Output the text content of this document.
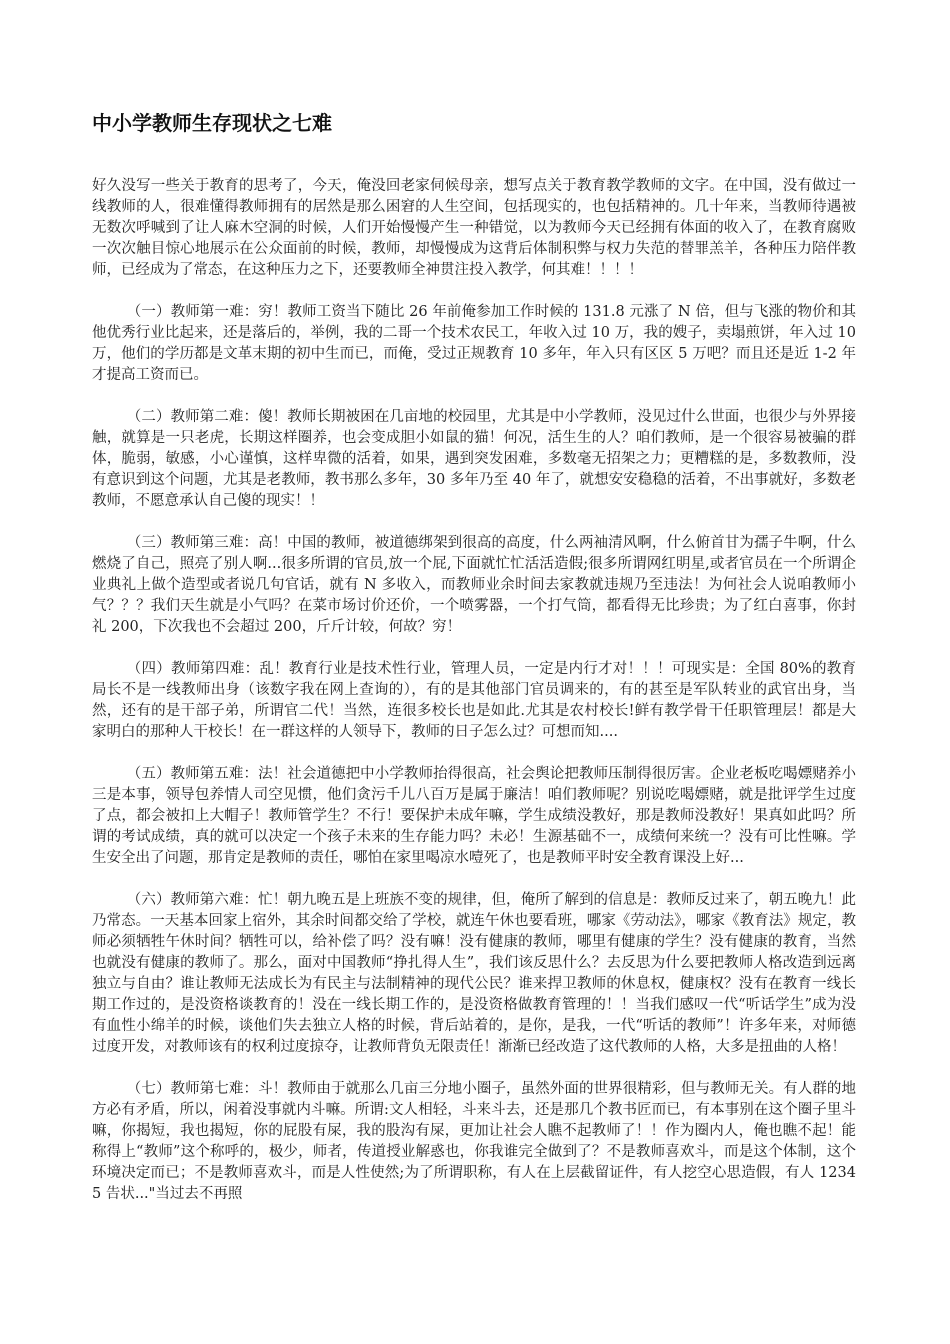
中小学教师生存现状之七难

好久没写一些关于教育的思考了，今天，俺没回老家伺候母亲，想写点关于教育教学教师的文字。在中国，没有做过一线教师的人，很难懂得教师拥有的居然是那么困窘的人生空间，包括现实的，也包括精神的。几十年来，当教师待遇被无数次呼喊到了让人麻木空洞的时候，人们开始慢慢产生一种错觉，以为教师今天已经拥有体面的收入了，在教育腐败一次次触目惊心地展示在公众面前的时候，教师，却慢慢成为这背后体制积弊与权力失范的替罪羔羊，各种压力陪伴教师，已经成为了常态，在这种压力之下，还要教师全神贯注投入教学，何其难！！！！

（一）教师第一难：穷！教师工资当下随比 26 年前俺参加工作时候的 131.8 元涨了 N 倍，但与飞涨的物价和其他优秀行业比起来，还是落后的，举例，我的二哥一个技术农民工，年收入过 10 万，我的嫂子，卖塌煎饼，年入过 10 万，他们的学历都是文革末期的初中生而已，而俺，受过正规教育 10 多年，年入只有区区 5 万吧？而且还是近 1-2 年才提高工资而已。

（二）教师第二难：傻！教师长期被困在几亩地的校园里，尤其是中小学教师，没见过什么世面，也很少与外界接触，就算是一只老虎，长期这样圈养，也会变成胆小如鼠的猫！何况，活生生的人？咱们教师，是一个很容易被骗的群体，脆弱，敏感，小心谨慎，这样卑微的活着，如果，遇到突发困难，多数毫无招架之力；更糟糕的是，多数教师，没有意识到这个问题，尤其是老教师，教书那么多年，30 多年乃至 40 年了，就想安安稳稳的活着，不出事就好，多数老教师，不愿意承认自己傻的现实！！

（三）教师第三难：高！中国的教师，被道德绑架到很高的高度，什么两袖清风啊，什么俯首甘为孺子牛啊，什么燃烧了自己，照亮了别人啊...很多所谓的官员,放一个屁,下面就忙忙活活造假;很多所谓网红明星,或者官员在一个所谓企业典礼上做个造型或者说几句官话，就有 N 多收入，而教师业余时间去家教就违规乃至违法！为何社会人说咱教师小气？？？我们天生就是小气吗？在菜市场讨价还价，一个喷雾器，一个打气筒，都看得无比珍贵；为了红白喜事，你封礼 200，下次我也不会超过 200，斤斤计较，何故？穷！

（四）教师第四难：乱！教育行业是技术性行业，管理人员，一定是内行才对！！！可现实是：全国 80%的教育局长不是一线教师出身（该数字我在网上查询的），有的是其他部门官员调来的，有的甚至是军队转业的武官出身，当然，还有的是干部子弟，所谓官二代！当然，连很多校长也是如此.尤其是农村校长!鲜有教学骨干任职管理层！都是大家明白的那种人干校长！在一群这样的人领导下，教师的日子怎么过？可想而知....

（五）教师第五难：法！社会道德把中小学教师抬得很高，社会舆论把教师压制得很厉害。企业老板吃喝嫖赌养小三是本事，领导包养情人司空见惯，他们贪污千儿八百万是属于廉洁！咱们教师呢？别说吃喝嫖赌，就是批评学生过度了点，都会被扣上大帽子！教师管学生？不行！要保护未成年嘛，学生成绩没教好，那是教师没教好！果真如此吗？所谓的考试成绩，真的就可以决定一个孩子未来的生存能力吗？未必！生源基础不一，成绩何来统一？没有可比性嘛。学生安全出了问题，那肯定是教师的责任，哪怕在家里喝凉水噎死了，也是教师平时安全教育课没上好...

（六）教师第六难：忙！朝九晚五是上班族不变的规律，但，俺所了解到的信息是：教师反过来了，朝五晚九！此乃常态。一天基本回家上宿外，其余时间都交给了学校，就连午休也要看班，哪家《劳动法》，哪家《教育法》规定，教师必须牺牲午休时间？牺牲可以，给补偿了吗？没有嘛！没有健康的教师，哪里有健康的学生？没有健康的教育，当然也就没有健康的教师了。那么，面对中国教师“挣扎得人生”，我们该反思什么？去反思为什么要把教师人格改造到远离独立与自由？谁让教师无法成长为有民主与法制精神的现代公民？谁来捍卫教师的休息权，健康权？没有在教育一线长期工作过的，是没资格谈教育的！没在一线长期工作的，是没资格做教育管理的！！当我们感叹一代“听话学生”成为没有血性小绵羊的时候，谈他们失去独立人格的时候，背后站着的，是你，是我，一代“听话的教师”！许多年来，对师德过度开发，对教师该有的权利过度掠夺，让教师背负无限责任！渐渐已经改造了这代教师的人格，大多是扭曲的人格！

（七）教师第七难：斗！教师由于就那么几亩三分地小圈子，虽然外面的世界很精彩，但与教师无关。有人群的地方必有矛盾，所以，闲着没事就内斗嘛。所谓:文人相轻，斗来斗去，还是那几个教书匠而已，有本事别在这个圈子里斗嘛，你揭短，我也揭短，你的屁股有屎，我的股沟有屎，更加让社会人瞧不起教师了！！作为圈内人，俺也瞧不起！能称得上“教师”这个称呼的，极少，师者，传道授业解惑也，你我谁完全做到了？不是教师喜欢斗，而是这个体制，这个环境决定而已；不是教师喜欢斗，而是人性使然;为了所谓职称，有人在上层截留证件，有人挖空心思造假，有人 12345 告状..."当过去不再照
